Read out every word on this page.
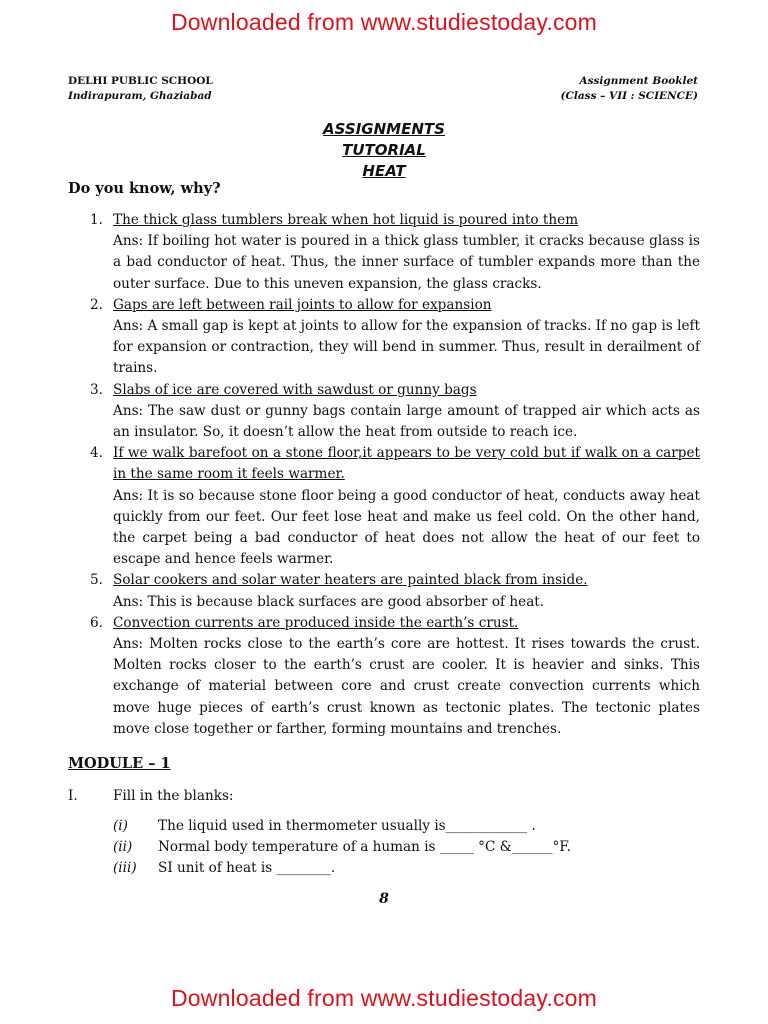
Downloaded from www.studiestoday.com
DELHI PUBLIC SCHOOL
Indirapuram, Ghaziabad
Assignment Booklet
(Class – VII : SCIENCE)
ASSIGNMENTS
TUTORIAL
HEAT
Do you know, why?
1. The thick glass tumblers break when hot liquid is poured into them
Ans: If boiling hot water is poured in a thick glass tumbler, it cracks because glass is a bad conductor of heat. Thus, the inner surface of tumbler expands more than the outer surface. Due to this uneven expansion, the glass cracks.
2. Gaps are left between rail joints to allow for expansion
Ans: A small gap is kept at joints to allow for the expansion of tracks. If no gap is left for expansion or contraction, they will bend in summer. Thus, result in derailment of trains.
3. Slabs of ice are covered with sawdust or gunny bags
Ans: The saw dust or gunny bags contain large amount of trapped air which acts as an insulator. So, it doesn’t allow the heat from outside to reach ice.
4. If we walk barefoot on a stone floor,it appears to be very cold but if walk on a carpet in the same room it feels warmer.
Ans: It is so because stone floor being a good conductor of heat, conducts away heat quickly from our feet. Our feet lose heat and make us feel cold. On the other hand, the carpet being a bad conductor of heat does not allow the heat of our feet to escape and hence feels warmer.
5. Solar cookers and solar water heaters are painted black from inside.
Ans: This is because black surfaces are good absorber of heat.
6. Convection currents are produced inside the earth’s crust.
Ans: Molten rocks close to the earth’s core are hottest. It rises towards the crust. Molten rocks closer to the earth’s crust are cooler. It is heavier and sinks. This exchange of material between core and crust create convection currents which move huge pieces of earth’s crust known as tectonic plates. The tectonic plates move close together or farther, forming mountains and trenches.
MODULE – 1
I.	Fill in the blanks:
(i) The liquid used in thermometer usually is____________ .
(ii) Normal body temperature of a human is _____ °C &______°F.
(iii) SI unit of heat is ________.
8
Downloaded from www.studiestoday.com
